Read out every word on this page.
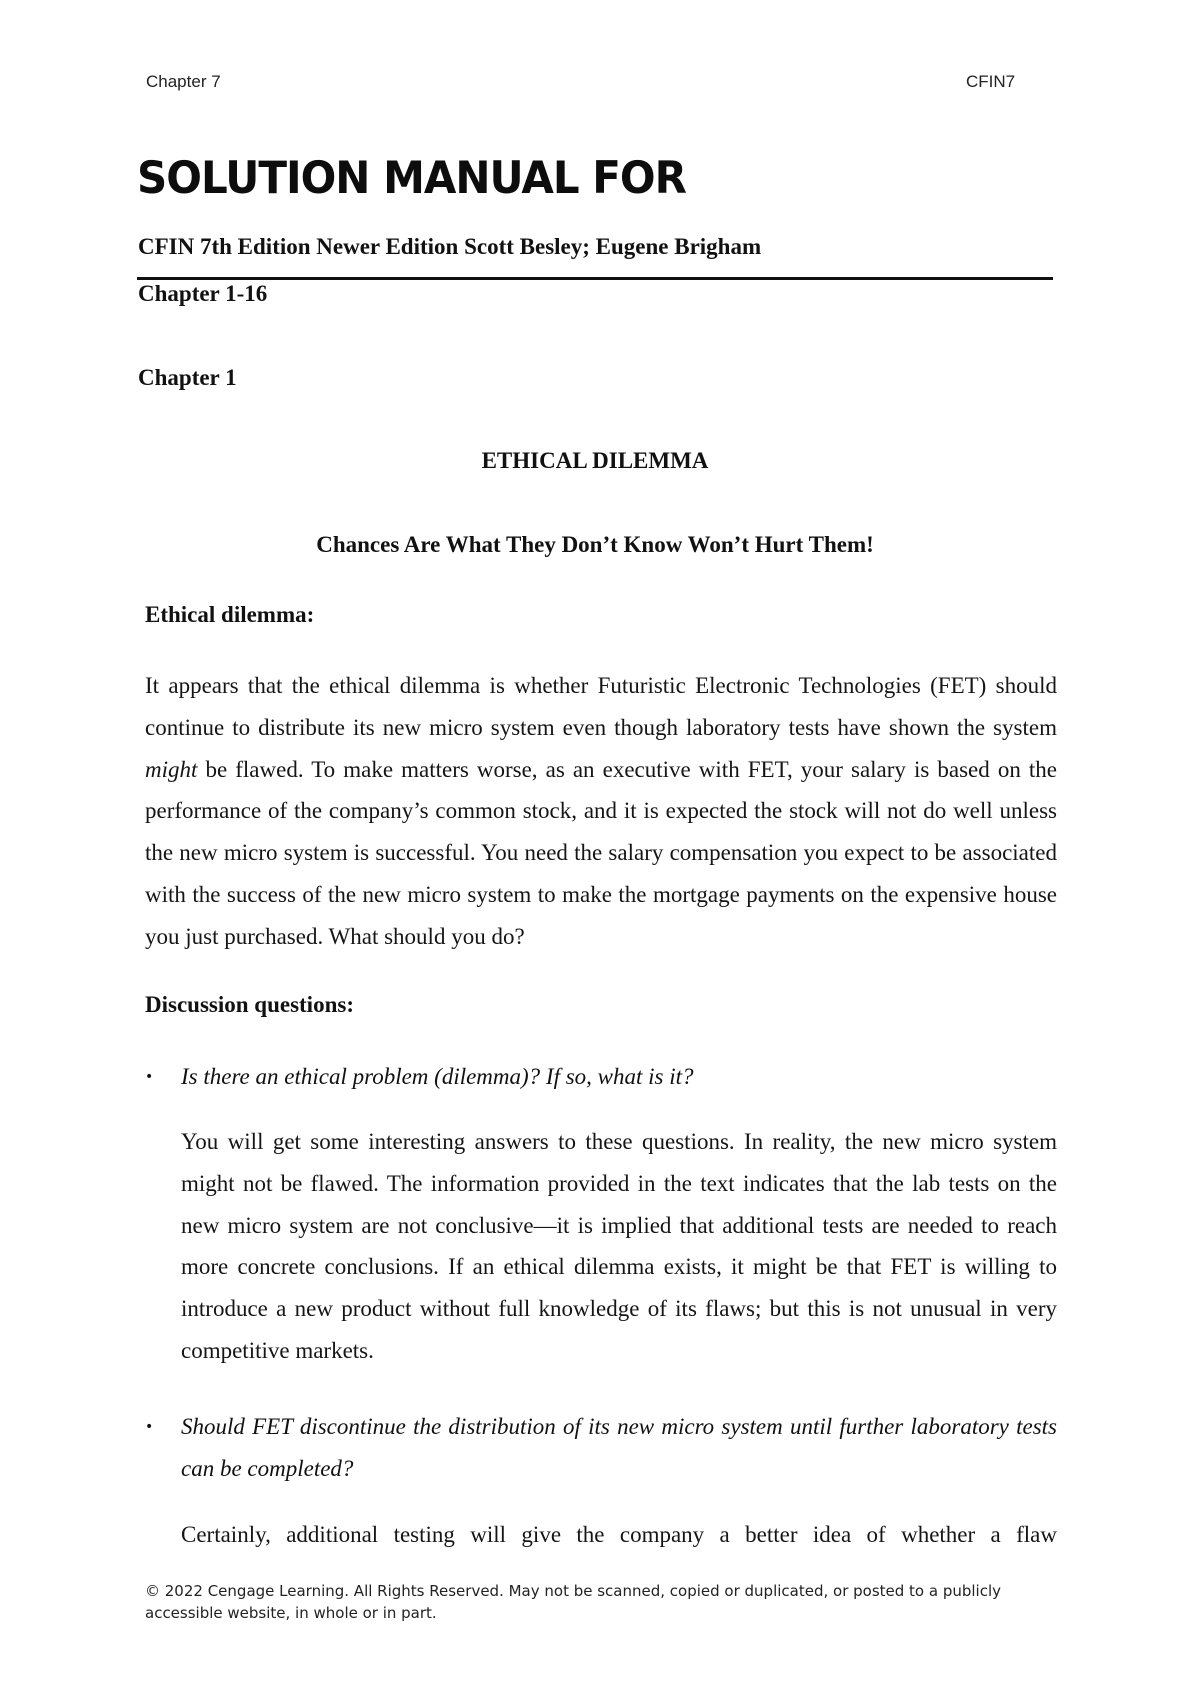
Chapter 7	CFIN7
SOLUTION MANUAL FOR
CFIN 7th Edition Newer Edition Scott Besley; Eugene Brigham
Chapter 1-16
Chapter 1
ETHICAL DILEMMA
Chances Are What They Don’t Know Won’t Hurt Them!
Ethical dilemma:
It appears that the ethical dilemma is whether Futuristic Electronic Technologies (FET) should continue to distribute its new micro system even though laboratory tests have shown the system might be flawed. To make matters worse, as an executive with FET, your salary is based on the performance of the company’s common stock, and it is expected the stock will not do well unless the new micro system is successful. You need the salary compensation you expect to be associated with the success of the new micro system to make the mortgage payments on the expensive house you just purchased. What should you do?
Discussion questions:
• Is there an ethical problem (dilemma)? If so, what is it?
You will get some interesting answers to these questions. In reality, the new micro system might not be flawed. The information provided in the text indicates that the lab tests on the new micro system are not conclusive—it is implied that additional tests are needed to reach more concrete conclusions. If an ethical dilemma exists, it might be that FET is willing to introduce a new product without full knowledge of its flaws; but this is not unusual in very competitive markets.
• Should FET discontinue the distribution of its new micro system until further laboratory tests can be completed?
Certainly, additional testing will give the company a better idea of whether a flaw
© 2022 Cengage Learning. All Rights Reserved. May not be scanned, copied or duplicated, or posted to a publicly accessible website, in whole or in part.
